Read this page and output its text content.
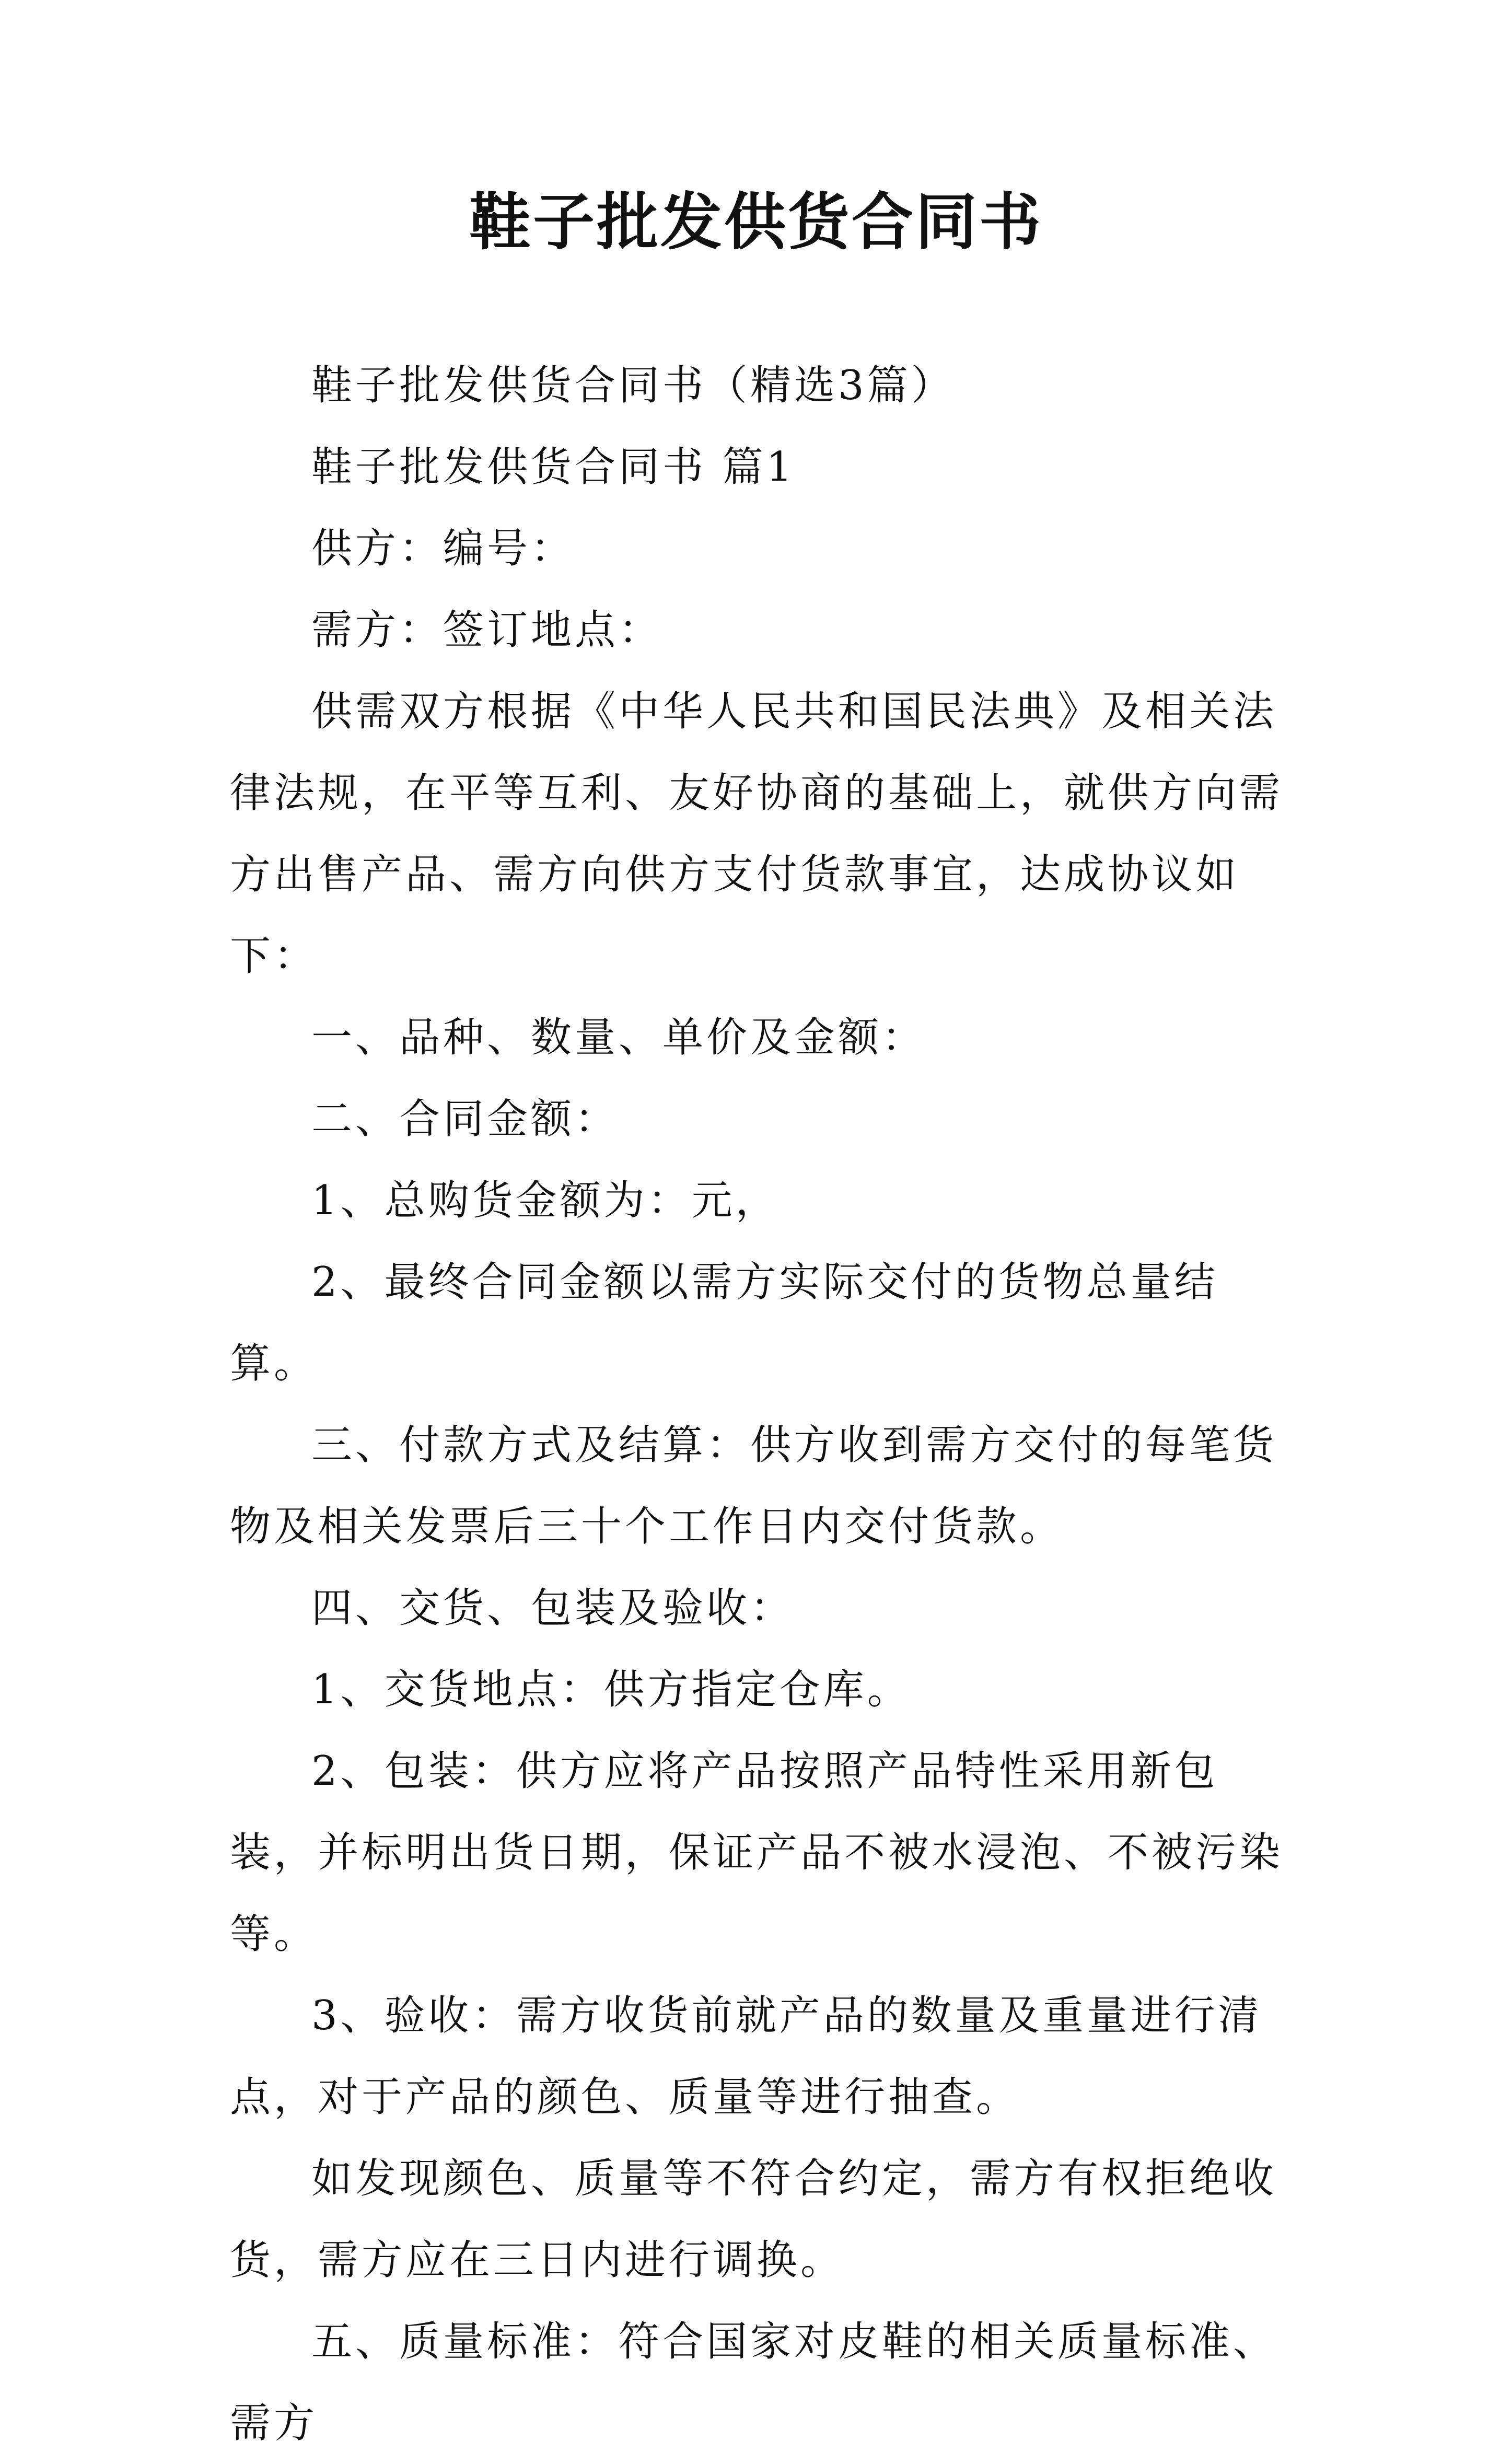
鞋子批发供货合同书

鞋子批发供货合同书（精选3篇）

鞋子批发供货合同书 篇1

供方：编号：

需方：签订地点：

供需双方根据《中华人民共和国民法典》及相关法律法规，在平等互利、友好协商的基础上，就供方向需方出售产品、需方向供方支付货款事宜，达成协议如下：

一、品种、数量、单价及金额：

二、合同金额：

1、总购货金额为：元，

2、最终合同金额以需方实际交付的货物总量结算。

三、付款方式及结算：供方收到需方交付的每笔货物及相关发票后三十个工作日内交付货款。

四、交货、包装及验收：

1、交货地点：供方指定仓库。

2、包装：供方应将产品按照产品特性采用新包装，并标明出货日期，保证产品不被水浸泡、不被污染等。

3、验收：需方收货前就产品的数量及重量进行清点，对于产品的颜色、质量等进行抽查。

如发现颜色、质量等不符合约定，需方有权拒绝收货，需方应在三日内进行调换。

五、质量标准：符合国家对皮鞋的相关质量标准、需方
